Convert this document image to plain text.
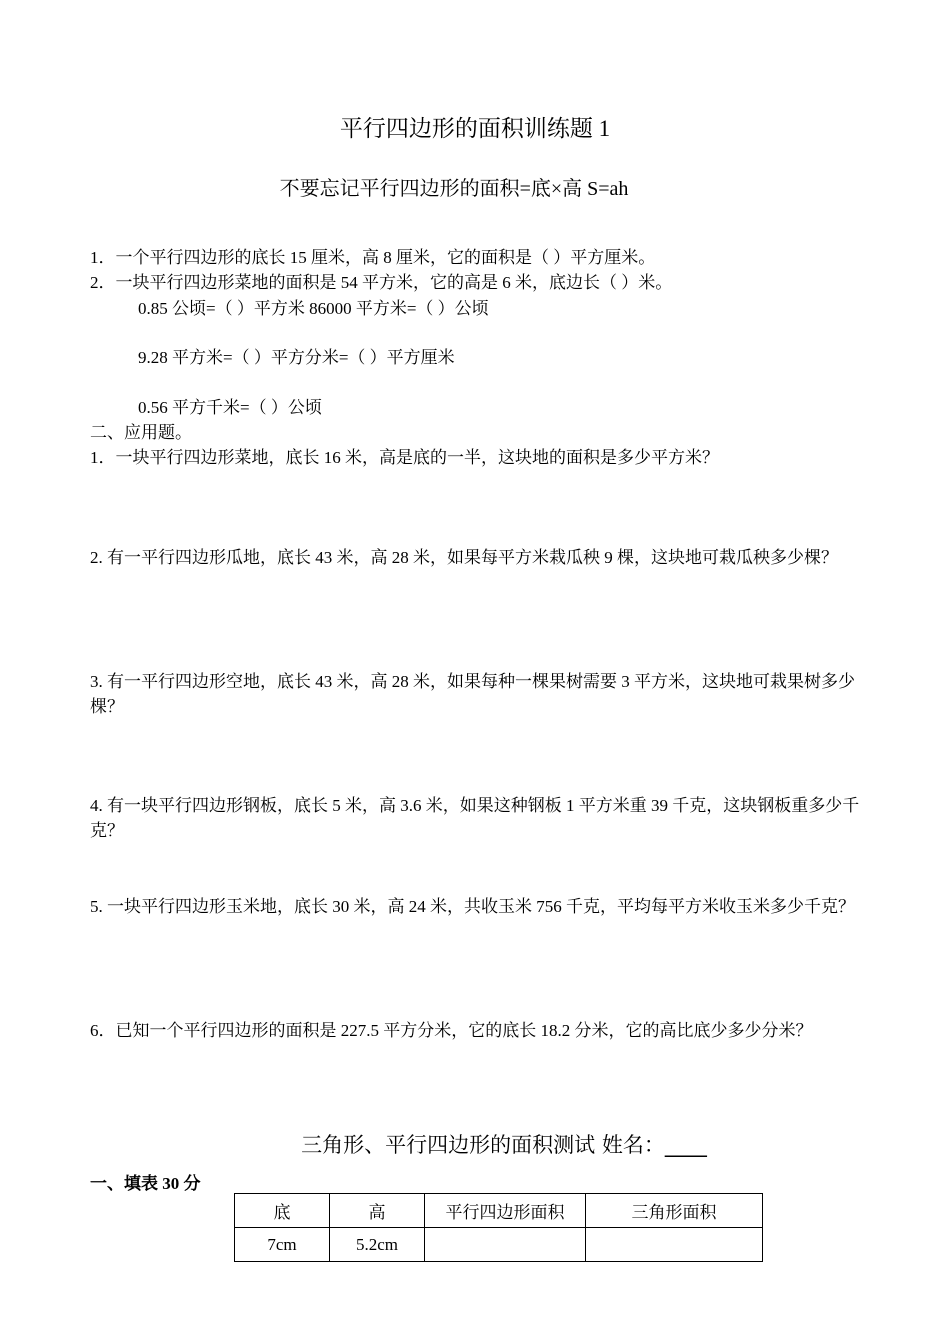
平行四边形的面积训练题 1
不要忘记平行四边形的面积=底×高 S=ah
1．一个平行四边形的底长 15 厘米，高 8 厘米，它的面积是（ ）平方厘米。
2．一块平行四边形菜地的面积是 54 平方米，它的高是 6 米，底边长（ ）米。
0.85 公顷=（ ）平方米 86000 平方米=（ ）公顷
9.28 平方米=（ ）平方分米=（ ）平方厘米
0.56 平方千米=（ ）公顷
二、应用题。
1．一块平行四边形菜地，底长 16 米，高是底的一半，这块地的面积是多少平方米？
2. 有一平行四边形瓜地，底长 43 米，高 28 米，如果每平方米栽瓜秧 9 棵，这块地可栽瓜秧多少棵？
3. 有一平行四边形空地，底长 43 米，高 28 米，如果每种一棵果树需要 3 平方米，这块地可栽果树多少棵？
4. 有一块平行四边形钢板，底长 5 米，高 3.6 米，如果这种钢板 1 平方米重 39 千克，这块钢板重多少千克？
5. 一块平行四边形玉米地，底长 30 米，高 24 米，共收玉米 756 千克，平均每平方米收玉米多少千克？
6．已知一个平行四边形的面积是 227.5 平方分米，它的底长 18.2 分米，它的高比底少多少分米？
三角形、平行四边形的面积测试 姓名：____
一、填表 30 分
底	高	平行四边形面积	三角形面积
7cm	5.2cm		
